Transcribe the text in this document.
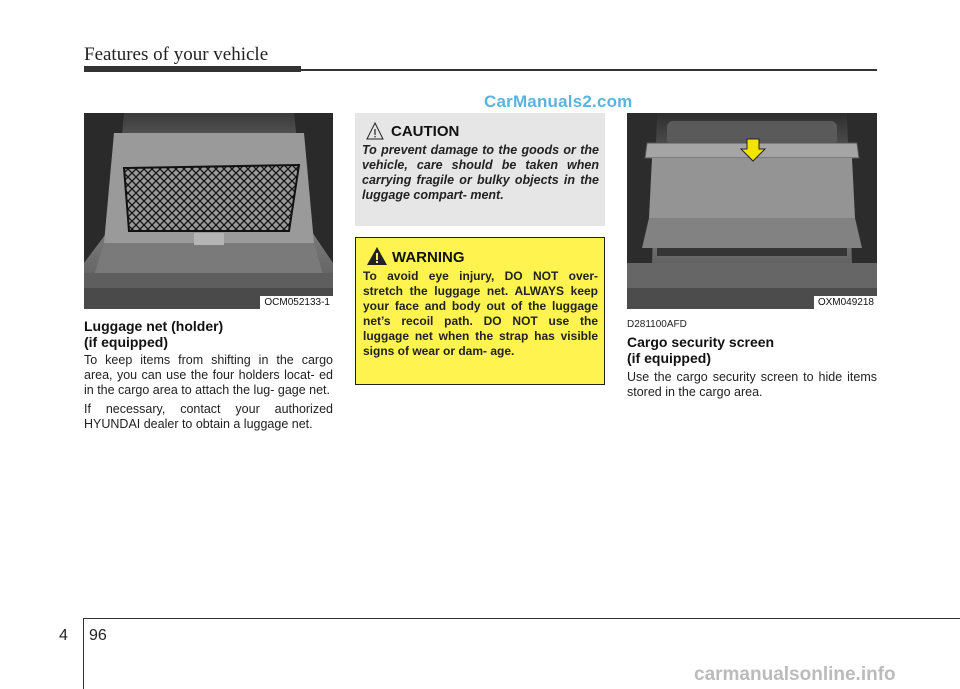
Features of your vehicle
CarManuals2.com
OCM052133-1
Luggage net (holder)
(if equipped)

To keep items from shifting in the cargo area, you can use the four holders locat- ed in the cargo area to attach the lug- gage net.

If necessary, contact your authorized HYUNDAI dealer to obtain a luggage net.

CAUTION
To prevent damage to the goods or the vehicle, care should be taken when carrying fragile or bulky objects in the luggage compart- ment.
WARNING
To avoid eye injury, DO NOT over- stretch the luggage net. ALWAYS keep your face and body out of the luggage net’s recoil path. DO NOT use the luggage net when the strap has visible signs of wear or dam- age.
OXM049218
D281100AFD
Cargo security screen
(if equipped)

Use the cargo security screen to hide items stored in the cargo area.

4 96
carmanualsonline.info
